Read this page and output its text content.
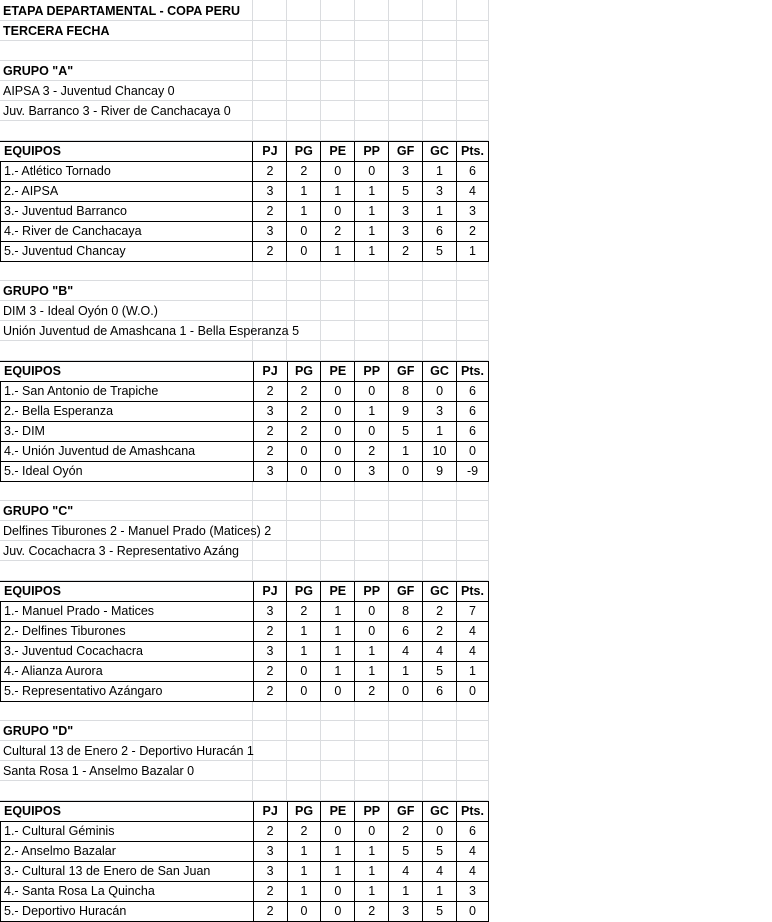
ETAPA DEPARTAMENTAL - COPA PERU
TERCERA FECHA
GRUPO "A"
AIPSA 3 - Juventud Chancay 0
Juv. Barranco 3 - River de Canchacaya 0
EQUIPOS	PJ	PG	PE	PP	GF	GC	Pts.
1.- Atlético Tornado	2	2	0	0	3	1	6
2.- AIPSA	3	1	1	1	5	3	4
3.- Juventud Barranco	2	1	0	1	3	1	3
4.- River de Canchacaya	3	0	2	1	3	6	2
5.- Juventud Chancay	2	0	1	1	2	5	1
GRUPO "B"
DIM 3 - Ideal Oyón 0 (W.O.)
Unión Juventud de Amashcana 1 - Bella Esperanza 5
EQUIPOS	PJ	PG	PE	PP	GF	GC	Pts.
1.- San Antonio de Trapiche	2	2	0	0	8	0	6
2.- Bella Esperanza	3	2	0	1	9	3	6
3.- DIM	2	2	0	0	5	1	6
4.- Unión Juventud de Amashcana	2	0	0	2	1	10	0
5.- Ideal Oyón	3	0	0	3	0	9	-9
GRUPO "C"
Delfines Tiburones 2 - Manuel Prado (Matices) 2
Juv. Cocachacra 3 - Representativo Azáng
EQUIPOS	PJ	PG	PE	PP	GF	GC	Pts.
1.- Manuel Prado - Matices	3	2	1	0	8	2	7
2.- Delfines Tiburones	2	1	1	0	6	2	4
3.- Juventud Cocachacra	3	1	1	1	4	4	4
4.- Alianza Aurora	2	0	1	1	1	5	1
5.- Representativo Azángaro	2	0	0	2	0	6	0
GRUPO "D"
Cultural 13 de Enero 2 - Deportivo Huracán 1
Santa Rosa 1 - Anselmo Bazalar 0
EQUIPOS	PJ	PG	PE	PP	GF	GC	Pts.
1.- Cultural Géminis	2	2	0	0	2	0	6
2.- Anselmo Bazalar	3	1	1	1	5	5	4
3.- Cultural 13 de Enero de San Juan	3	1	1	1	4	4	4
4.- Santa Rosa La Quincha	2	1	0	1	1	1	3
5.- Deportivo Huracán	2	0	0	2	3	5	0
